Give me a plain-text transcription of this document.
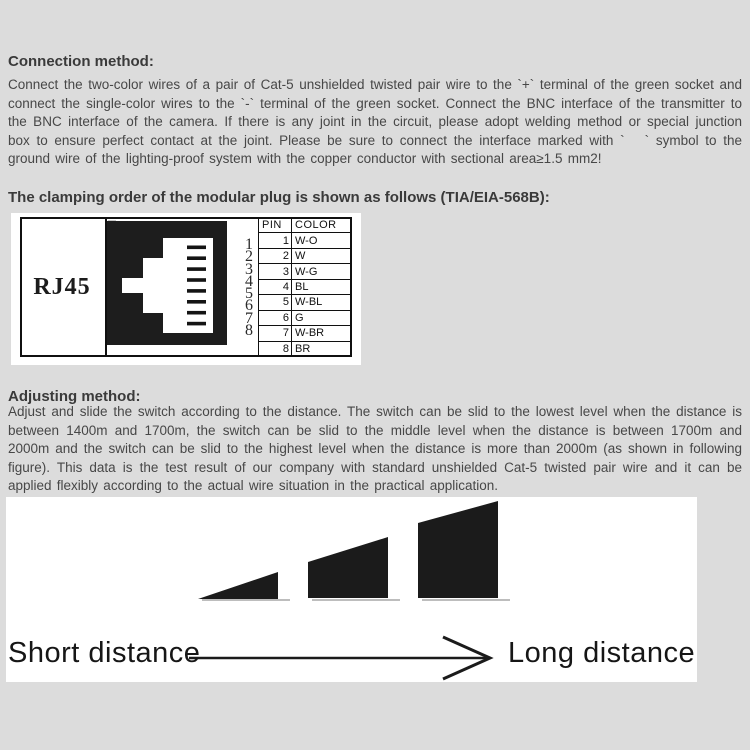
Connection method:

Connect the two-color wires of a pair of Cat-5 unshielded twisted pair wire to the `+` terminal of the green socket and connect the single-color wires to the `-` terminal of the green socket. Connect the BNC interface of the transmitter to the BNC interface of the camera. If there is any joint in the circuit, please adopt welding method or special junction box to ensure perfect contact at the joint. Please be sure to connect the interface marked with `   ` symbol to the ground wire of the lighting-proof system with the copper conductor with sectional area≥1.5 mm2!

The clamping order of the modular plug is shown as follows (TIA/EIA-568B):
RJ45
1
2
3
4
5
6
7
8
PIN	COLOR
1	W-O
2	W
3	W-G
4	BL
5	W-BL
6	G
7	W-BR
8	BR
Adjusting method:

Adjust and slide the switch according to the distance. The switch can be slid to the lowest level when the distance is between 1400m and 1700m, the switch can be slid to the middle level when the distance is between 1700m and 2000m and the switch can be slid to the highest level when the distance is more than 2000m (as shown in following figure). This data is the test result of our company with standard unshielded Cat-5 twisted pair wire and it can be applied flexibly according to the actual wire situation in the practical application.

Short distance	Long distance
